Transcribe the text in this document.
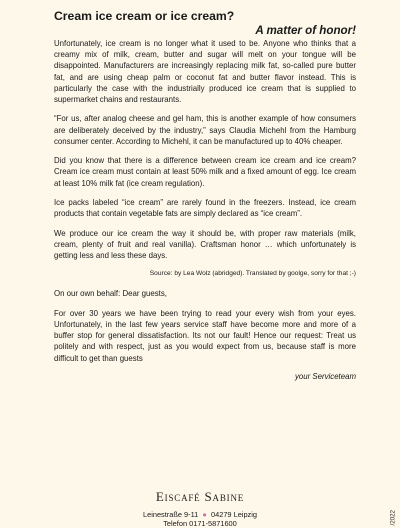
Cream ice cream or ice cream?
A matter of honor!

Unfortunately, ice cream is no longer what it used to be. Anyone who thinks that a creamy mix of milk, cream, butter and sugar will melt on your tongue will be disappointed. Manufacturers are increasingly replacing milk fat, so-called pure butter fat, and are using cheap palm or coconut fat and butter flavor instead. This is particularly the case with the industrially produced ice cream that is supplied to supermarket chains and restaurants.

“For us, after analog cheese and gel ham, this is another example of how consumers are deliberately deceived by the industry,” says Claudia Michehl from the Hamburg consumer center. According to Michehl, it can be manufactured up to 40% cheaper.

Did you know that there is a difference between cream ice cream and ice cream? Cream ice cream must contain at least 50% milk and a fixed amount of egg. Ice cream at least 10% milk fat (ice cream regulation).

Ice packs labeled “ice cream” are rarely found in the freezers. Instead, ice cream products that contain vegetable fats are simply declared as “ice cream”.

We produce our ice cream the way it should be, with proper raw materials (milk, cream, plenty of fruit and real vanilla). Craftsman honor … which unfortunately is getting less and less these days.

Source: by Lea Wolz (abridged). Translated by goolge, sorry for that ;-)

On our own behalf: Dear guests,

For over 30 years we have been trying to read your every wish from your eyes. Unfortunately, in the last few years service staff have become more and more of a buffer stop for general dissatisfaction. Its not our fault! Hence our request: Treat us politely and with respect, just as you would expect from us, because staff is more difficult to get than guests

your Serviceteam
Eiscafé Sabine
Leinestraße 9-11 ● 04279 Leipzig
Telefon 0171-5871600	/2022
